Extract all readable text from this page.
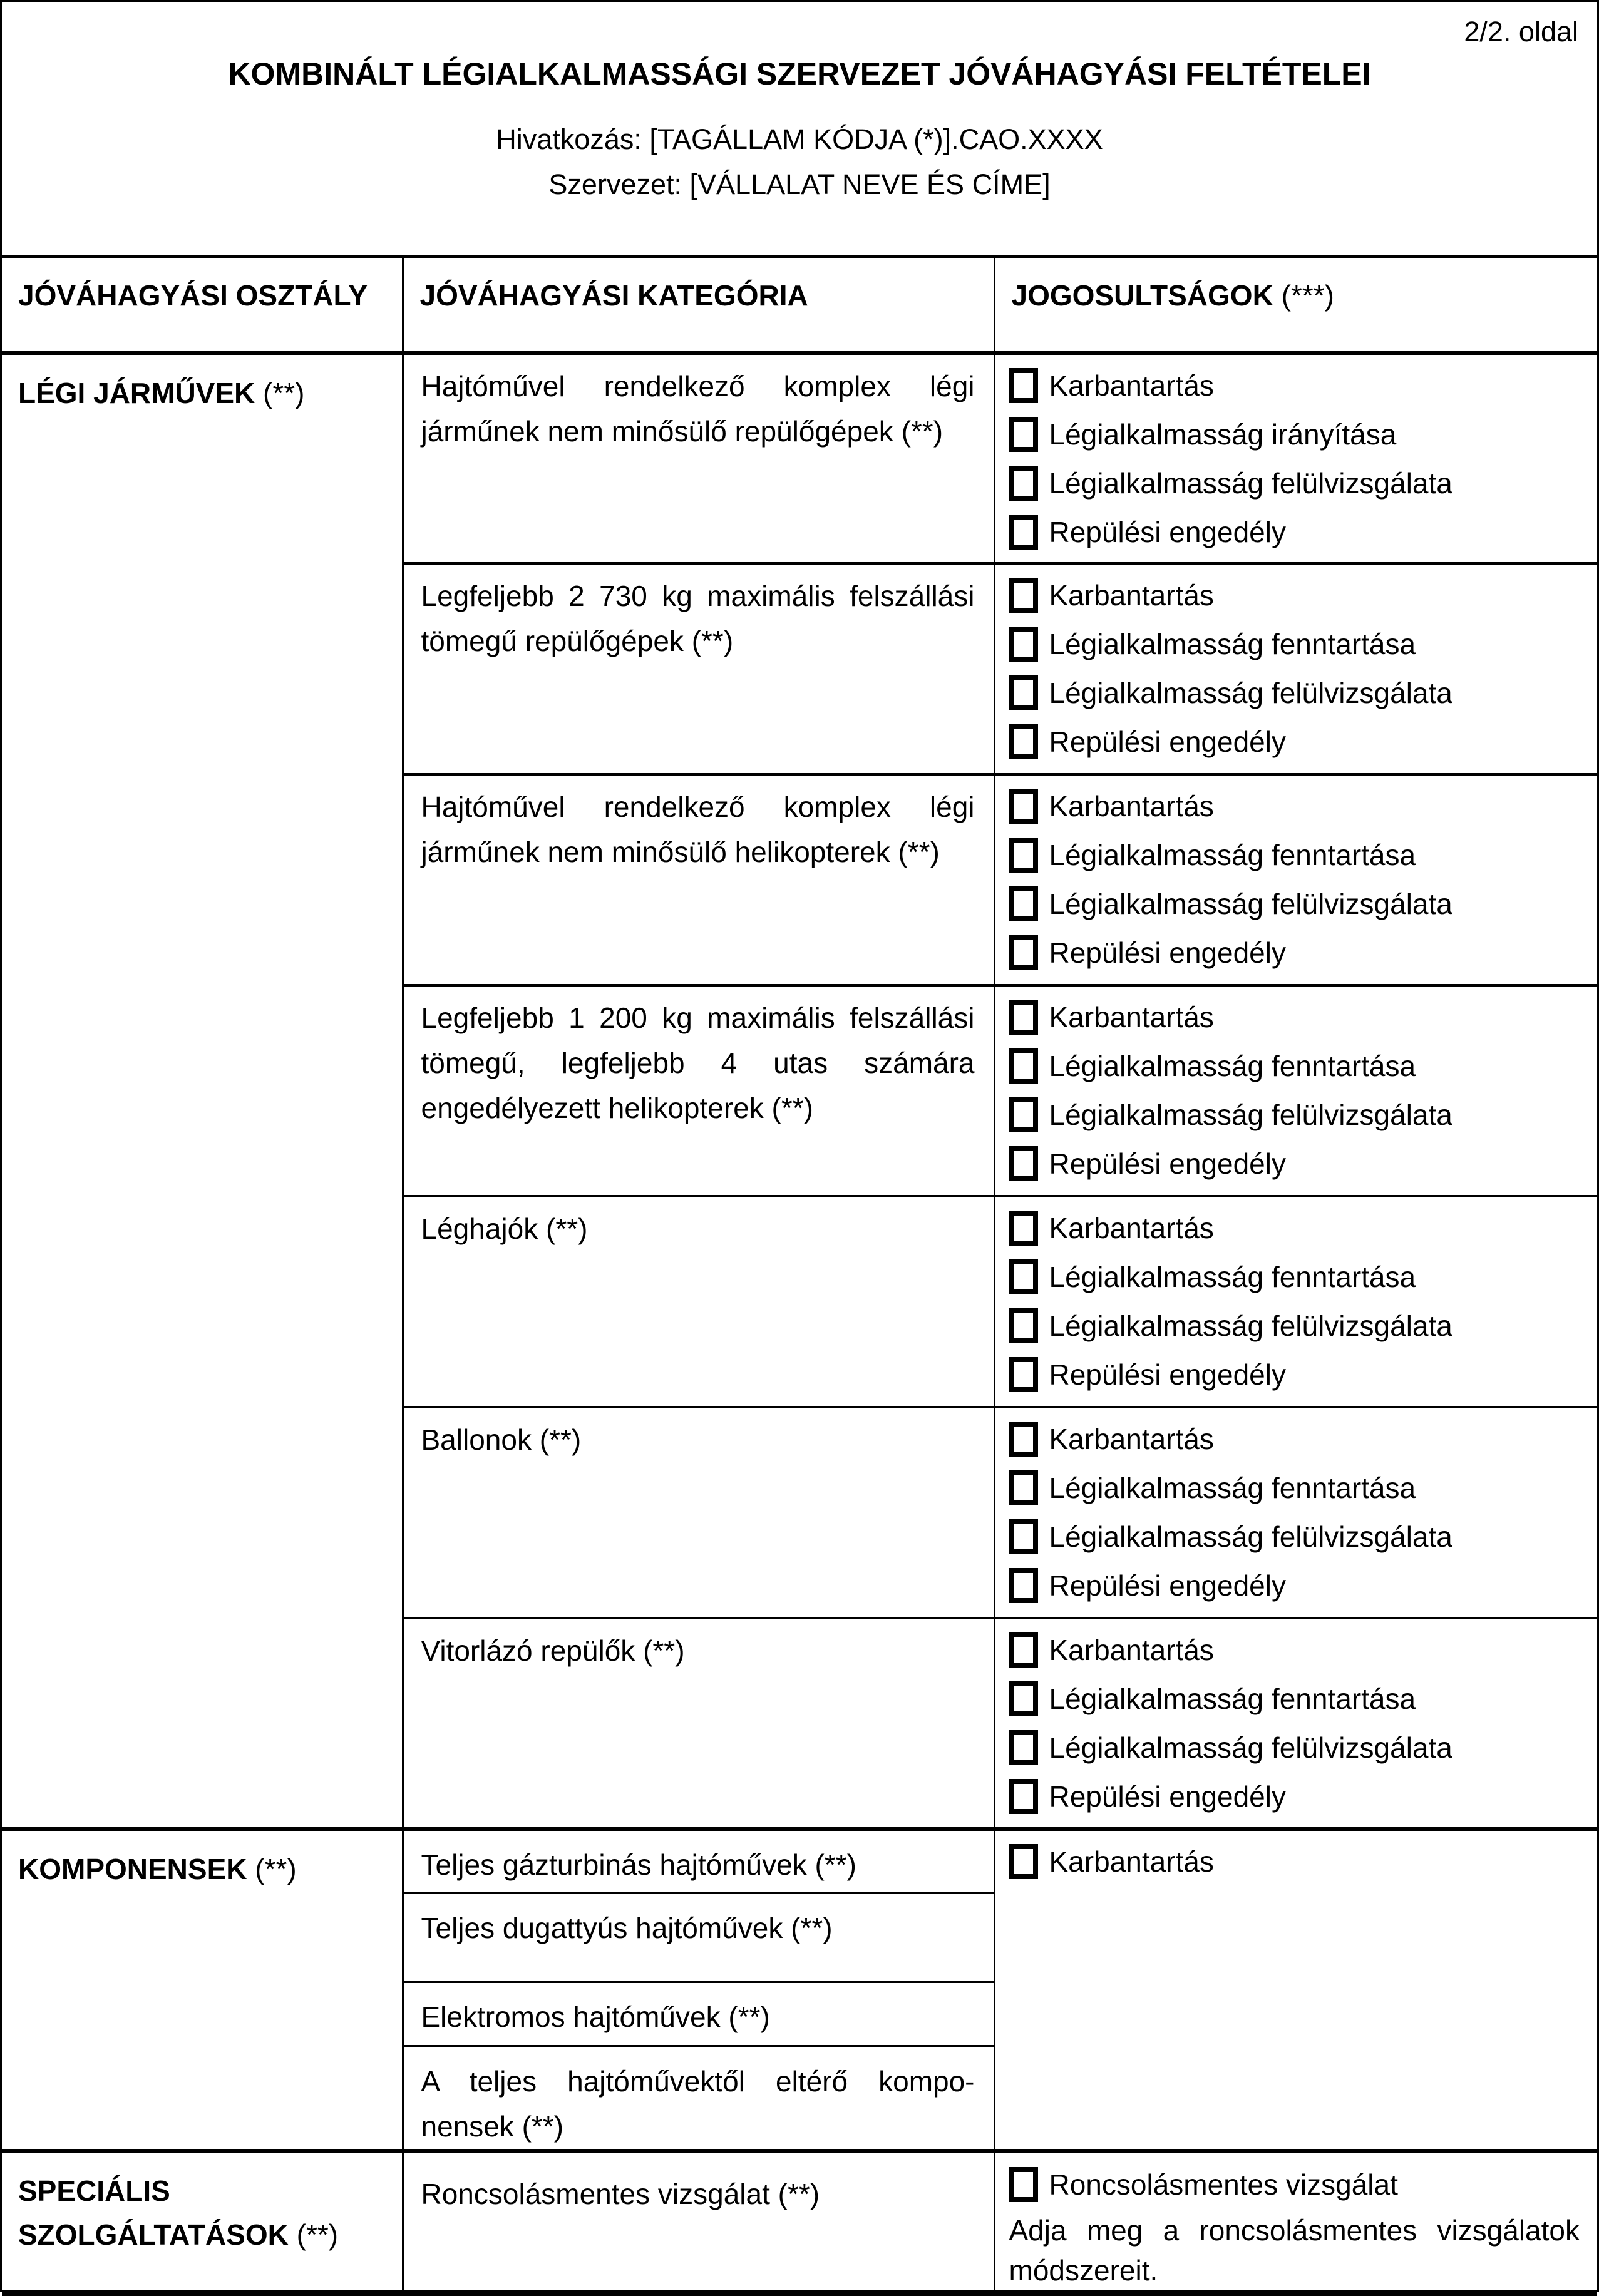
2/2. oldal
KOMBINÁLT LÉGIALKALMASSÁGI SZERVEZET JÓVÁHAGYÁSI FELTÉTELEI
Hivatkozás: [TAGÁLLAM KÓDJA (*)].CAO.XXXX
Szervezet: [VÁLLALAT NEVE ÉS CÍME]
JÓVÁHAGYÁSI OSZTÁLY	JÓVÁHAGYÁSI KATEGÓRIA	JOGOSULTSÁGOK (***)
LÉGI JÁRMŰVEK (**)	Hajtóművel rendelkező komplex légi járműnek nem minősülő repülőgépek (**)	Karbantartás
Légialkalmasság irányítása
Légialkalmasság felülvizsgálata
Repülési engedély

	Legfeljebb 2 730 kg maximális felszállási tömegű repülőgépek (**)	Karbantartás
Légialkalmasság fenntartása
Légialkalmasság felülvizsgálata
Repülési engedély

	Hajtóművel rendelkező komplex légi járműnek nem minősülő helikopterek (**)	Karbantartás
Légialkalmasság fenntartása
Légialkalmasság felülvizsgálata
Repülési engedély

	Legfeljebb 1 200 kg maximális felszállási tömegű, legfeljebb 4 utas számára engedélyezett helikopterek (**)	Karbantartás
Légialkalmasság fenntartása
Légialkalmasság felülvizsgálata
Repülési engedély

	Léghajók (**)	Karbantartás
Légialkalmasság fenntartása
Légialkalmasság felülvizsgálata
Repülési engedély

	Ballonok (**)	Karbantartás
Légialkalmasság fenntartása
Légialkalmasság felülvizsgálata
Repülési engedély

	Vitorlázó repülők (**)	Karbantartás
Légialkalmasság fenntartása
Légialkalmasság felülvizsgálata
Repülési engedély

KOMPONENSEK (**)	Teljes gázturbinás hajtóművek (**)	Karbantartás

	Teljes dugattyús hajtóművek (**)	
	Elektromos hajtóművek (**)	
	A teljes hajtóművektől eltérő kompo-nensek (**)	
SPECIÁLIS SZOLGÁLTATÁSOK (**)	Roncsolásmentes vizsgálat (**)	Roncsolásmentes vizsgálat
Adja meg a roncsolásmentes vizsgálatok módszereit.
